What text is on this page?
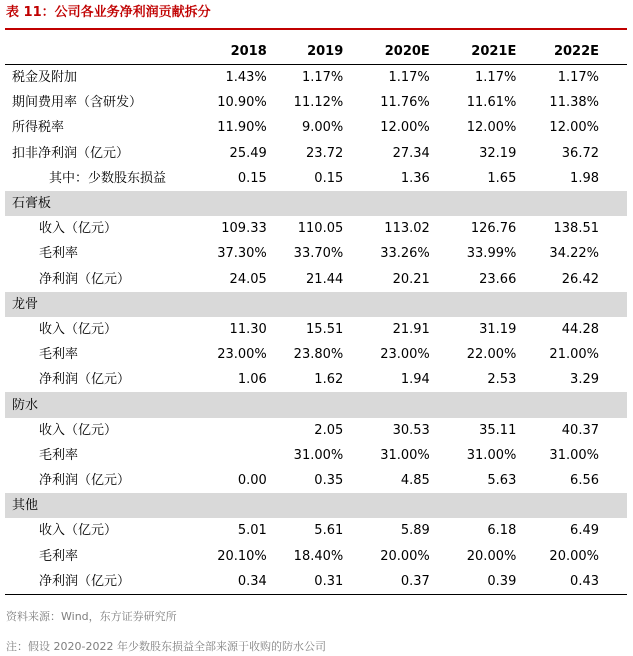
表 11：公司各业务净利润贡献拆分
	2018	2019	2020E	2021E	2022E
税金及附加	1.43%	1.17%	1.17%	1.17%	1.17%
期间费用率（含研发）	10.90%	11.12%	11.76%	11.61%	11.38%
所得税率	11.90%	9.00%	12.00%	12.00%	12.00%
扣非净利润（亿元）	25.49	23.72	27.34	32.19	36.72
其中：少数股东损益	0.15	0.15	1.36	1.65	1.98
石膏板					
收入（亿元）	109.33	110.05	113.02	126.76	138.51
毛利率	37.30%	33.70%	33.26%	33.99%	34.22%
净利润（亿元）	24.05	21.44	20.21	23.66	26.42
龙骨					
收入（亿元）	11.30	15.51	21.91	31.19	44.28
毛利率	23.00%	23.80%	23.00%	22.00%	21.00%
净利润（亿元）	1.06	1.62	1.94	2.53	3.29
防水					
收入（亿元）		2.05	30.53	35.11	40.37
毛利率		31.00%	31.00%	31.00%	31.00%
净利润（亿元）	0.00	0.35	4.85	5.63	6.56
其他					
收入（亿元）	5.01	5.61	5.89	6.18	6.49
毛利率	20.10%	18.40%	20.00%	20.00%	20.00%
净利润（亿元）	0.34	0.31	0.37	0.39	0.43
资料来源：Wind，东方证券研究所
注：假设 2020-2022 年少数股东损益全部来源于收购的防水公司
